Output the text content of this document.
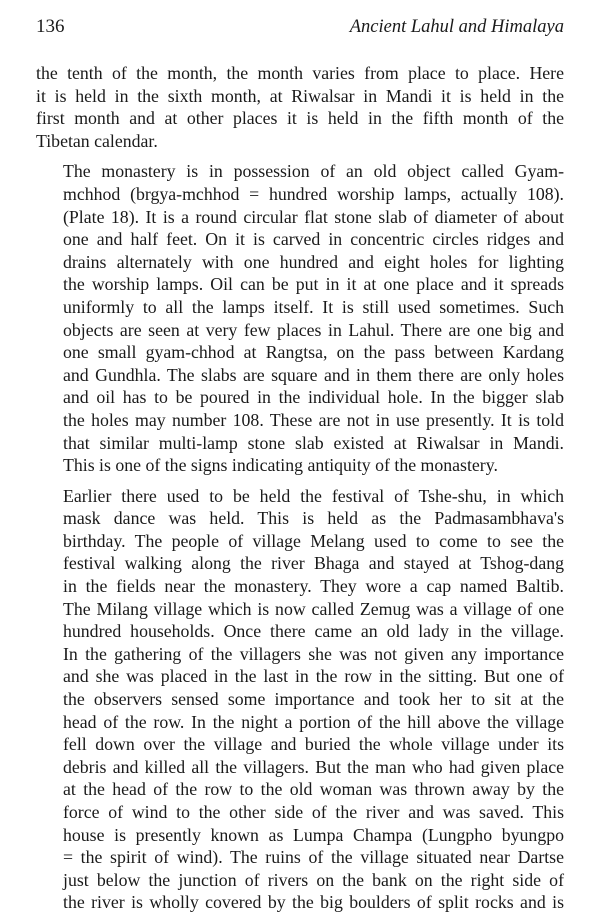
136	Ancient Lahul and Himalaya

the tenth of the month, the month varies from place to place. Here
it is held in the sixth month, at Riwalsar in Mandi it is held in the
first month and at other places it is held in the fifth month of the
Tibetan calendar.

The monastery is in possession of an old object called Gyam-
mchhod (brgya-mchhod = hundred worship lamps, actually 108).
(Plate 18). It is a round circular flat stone slab of diameter of about
one and half feet. On it is carved in concentric circles ridges and
drains alternately with one hundred and eight holes for lighting
the worship lamps. Oil can be put in it at one place and it spreads
uniformly to all the lamps itself. It is still used sometimes. Such
objects are seen at very few places in Lahul. There are one big and
one small gyam-chhod at Rangtsa, on the pass between Kardang
and Gundhla. The slabs are square and in them there are only holes
and oil has to be poured in the individual hole. In the bigger slab
the holes may number 108. These are not in use presently. It is told
that similar multi-lamp stone slab existed at Riwalsar in Mandi.
This is one of the signs indicating antiquity of the monastery.

Earlier there used to be held the festival of Tshe-shu, in which
mask dance was held. This is held as the Padmasambhava's
birthday. The people of village Melang used to come to see the
festival walking along the river Bhaga and stayed at Tshog-dang
in the fields near the monastery. They wore a cap named Baltib.
The Milang village which is now called Zemug was a village of one
hundred households. Once there came an old lady in the village.
In the gathering of the villagers she was not given any importance
and she was placed in the last in the row in the sitting. But one of
the observers sensed some importance and took her to sit at the
head of the row. In the night a portion of the hill above the village
fell down over the village and buried the whole village under its
debris and killed all the villagers. But the man who had given place
at the head of the row to the old woman was thrown away by the
force of wind to the other side of the river and was saved. This
house is presently known as Lumpa Champa (Lungpho byungpo
= the spirit of wind). The ruins of the village situated near Dartse
just below the junction of rivers on the bank on the right side of
the river is wholly covered by the big boulders of split rocks and is
